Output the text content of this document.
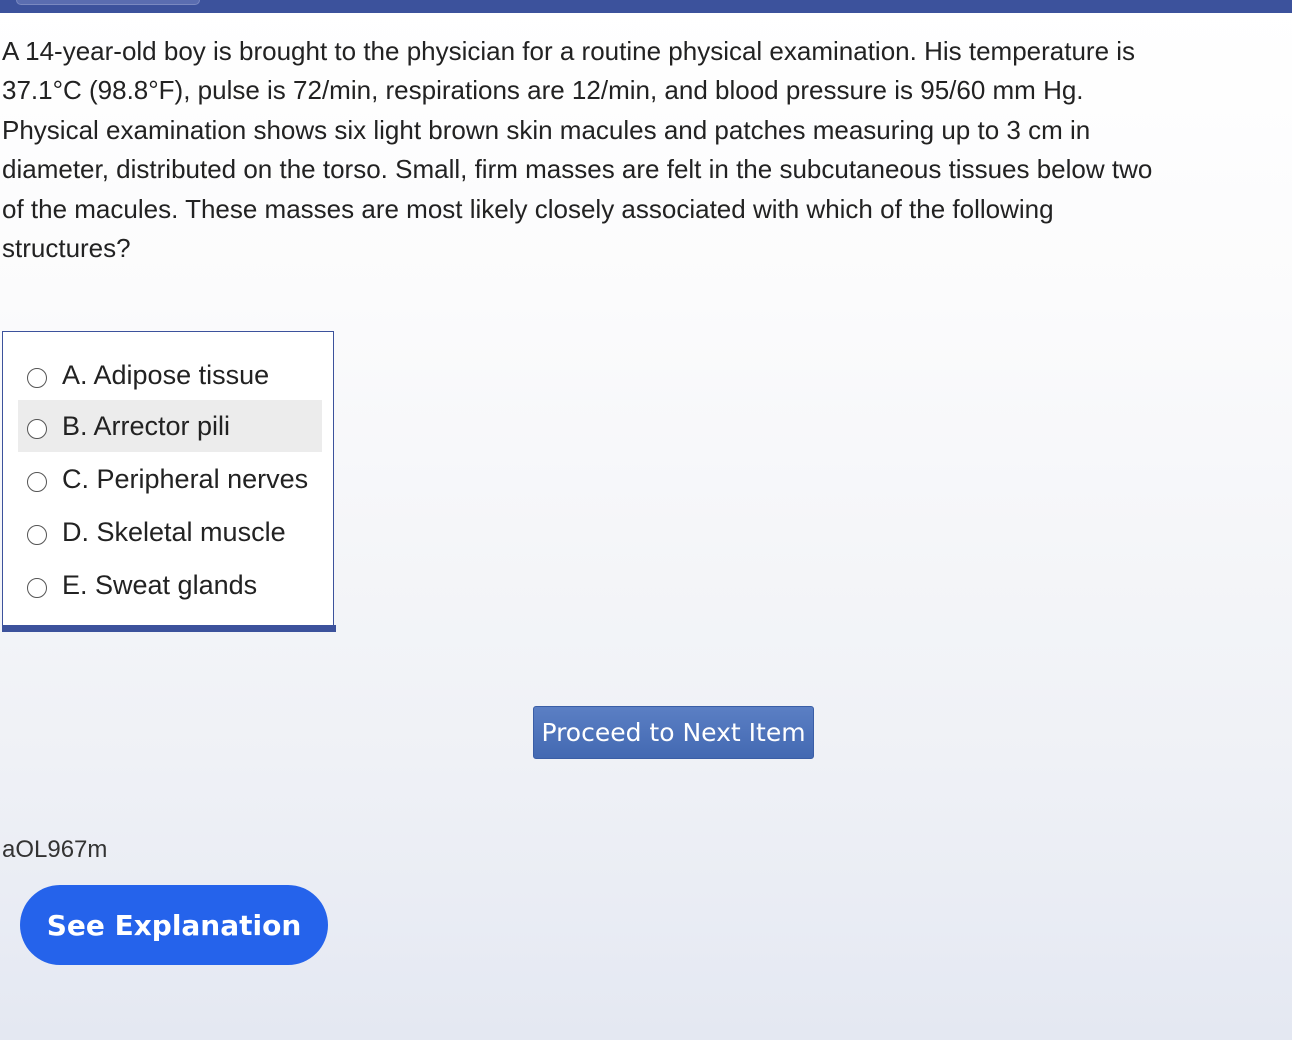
A 14-year-old boy is brought to the physician for a routine physical examination. His temperature is 37.1°C (98.8°F), pulse is 72/min, respirations are 12/min, and blood pressure is 95/60 mm Hg. Physical examination shows six light brown skin macules and patches measuring up to 3 cm in diameter, distributed on the torso. Small, firm masses are felt in the subcutaneous tissues below two of the macules. These masses are most likely closely associated with which of the following structures?

A. Adipose tissue
B. Arrector pili
C. Peripheral nerves
D. Skeletal muscle
E. Sweat glands
Proceed to Next Item
aOL967m
See Explanation
